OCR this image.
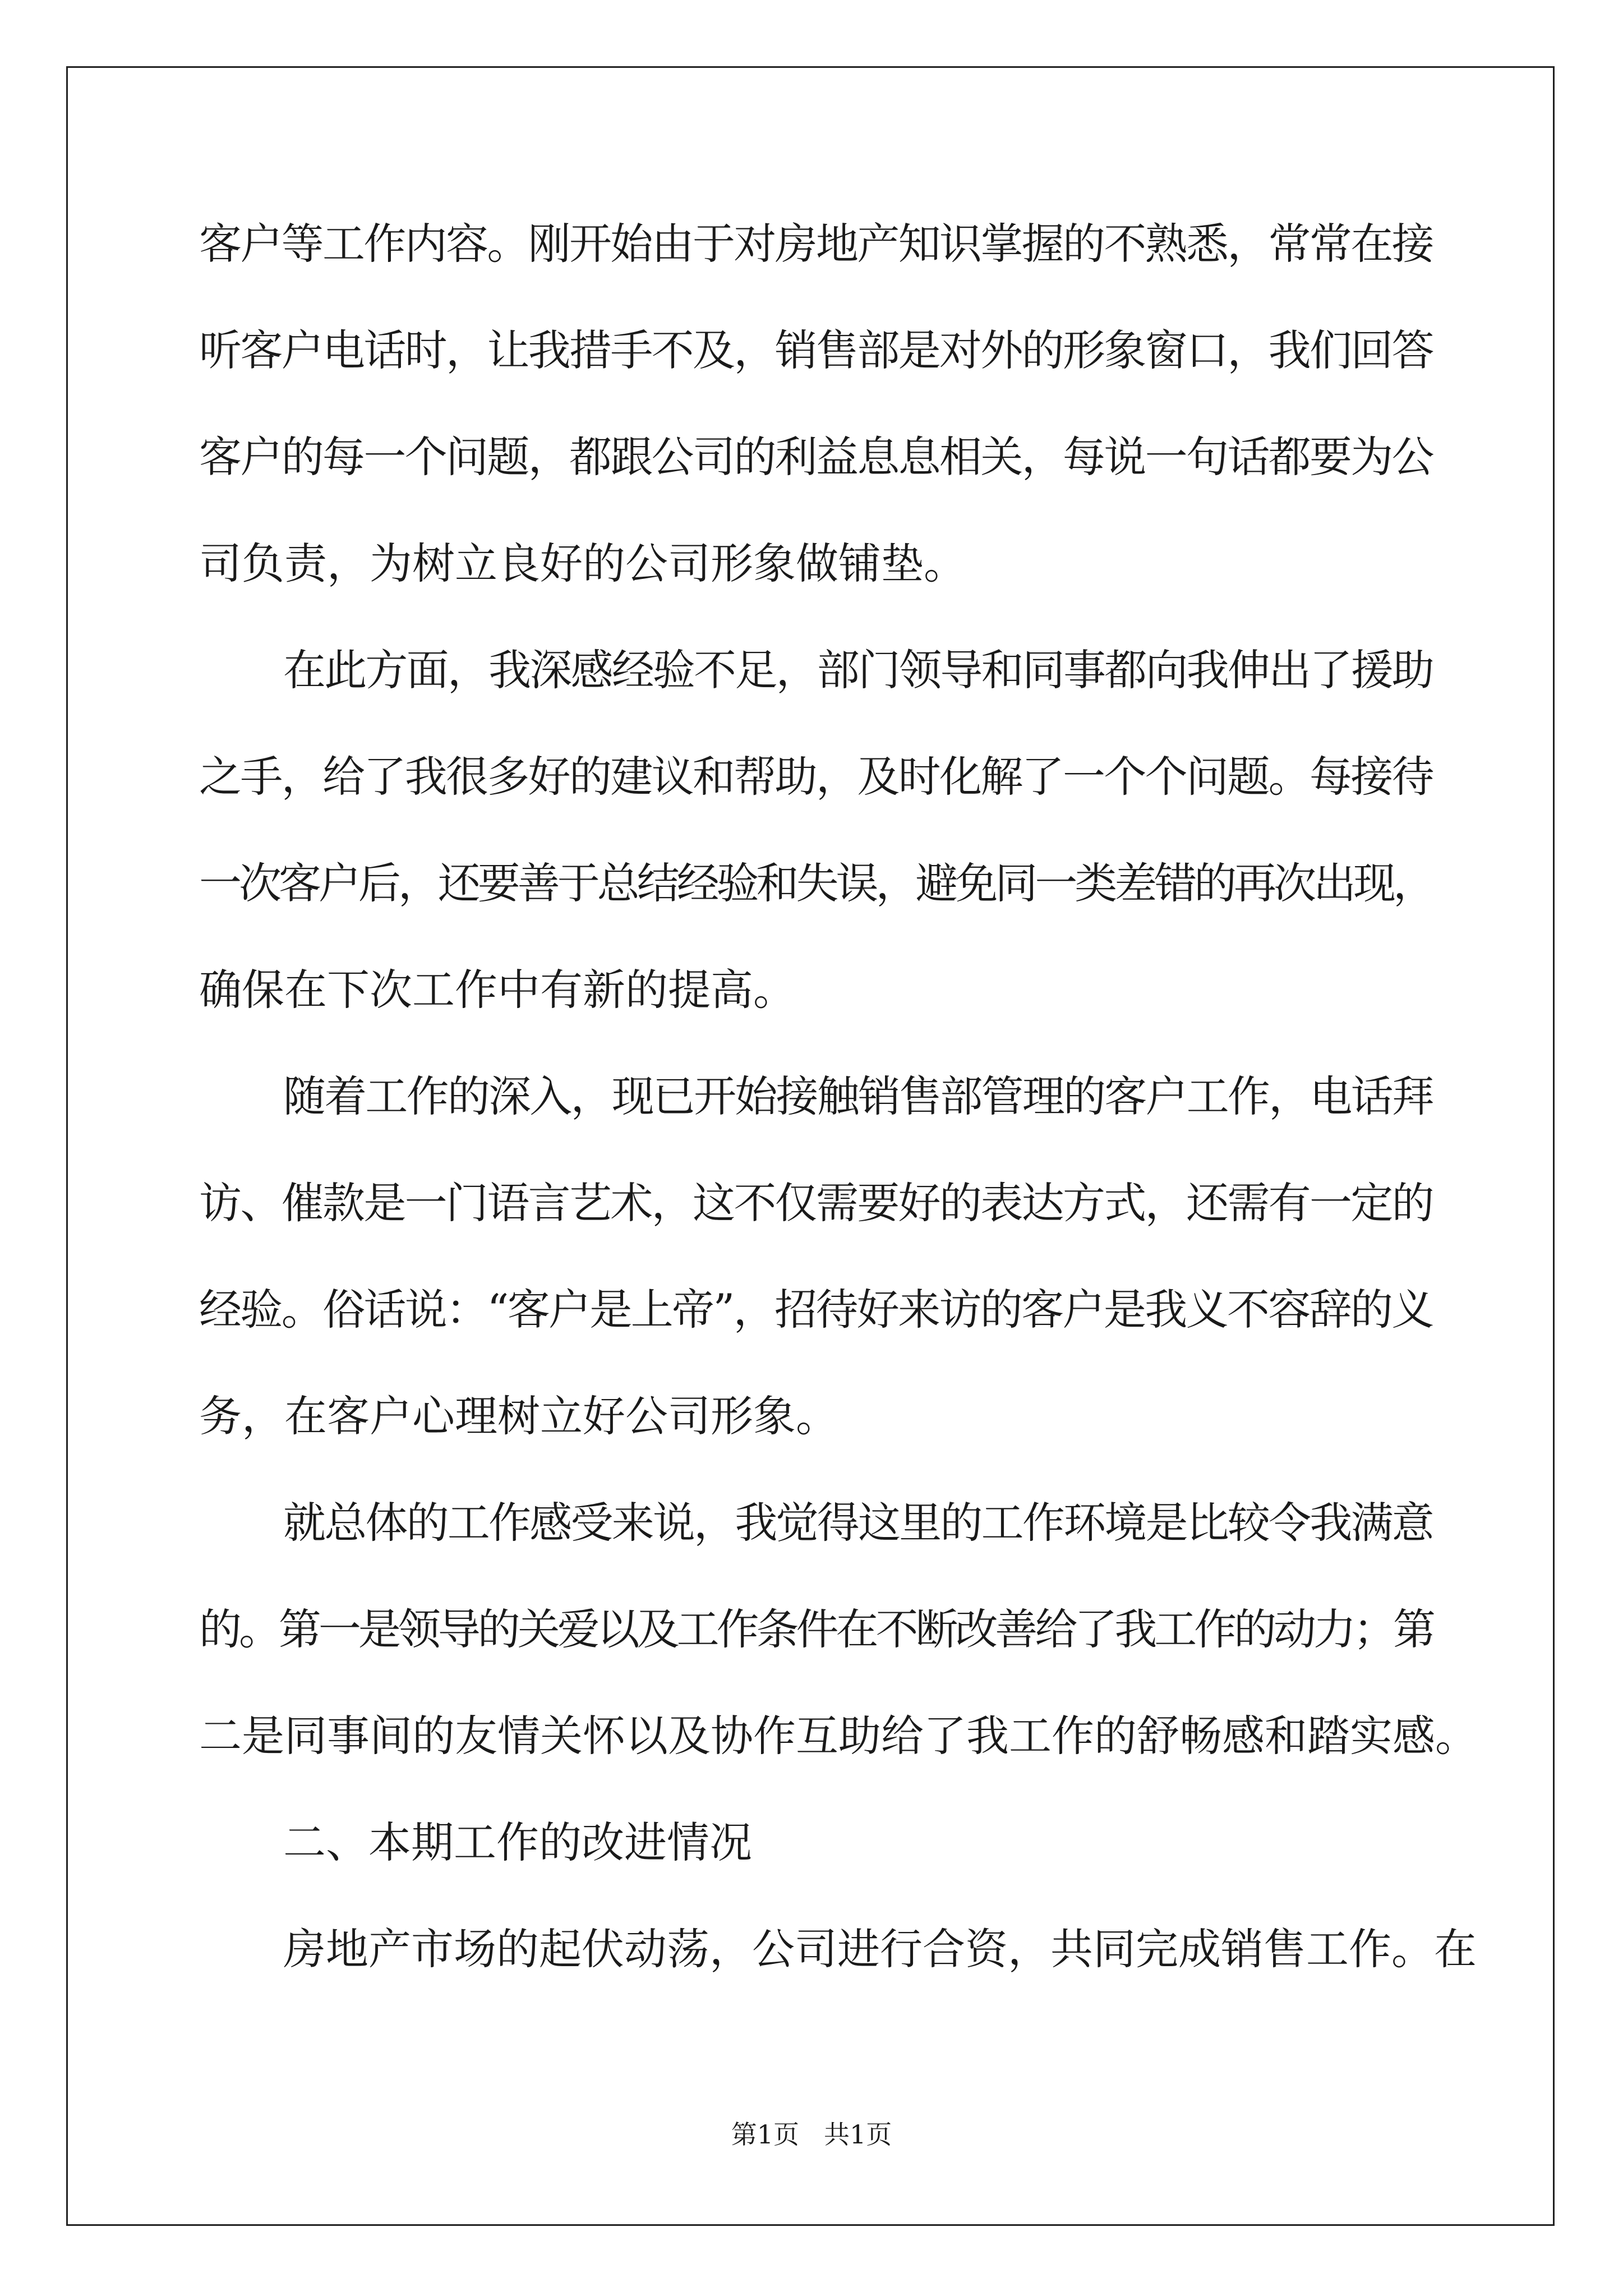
客户等工作内容。刚开始由于对房地产知识掌握的不熟悉，常常在接
听客户电话时，让我措手不及，销售部是对外的形象窗口，我们回答
客户的每一个问题，都跟公司的利益息息相关，每说一句话都要为公
司负责，为树立良好的公司形象做铺垫。
在此方面，我深感经验不足，部门领导和同事都向我伸出了援助
之手，给了我很多好的建议和帮助，及时化解了一个个问题。每接待
一次客户后，还要善于总结经验和失误，避免同一类差错的再次出现，
确保在下次工作中有新的提高。
随着工作的深入，现已开始接触销售部管理的客户工作，电话拜
访、催款是一门语言艺术，这不仅需要好的表达方式，还需有一定的
经验。俗话说：“客户是上帝”，招待好来访的客户是我义不容辞的义
务，在客户心理树立好公司形象。
就总体的工作感受来说，我觉得这里的工作环境是比较令我满意
的。第一是领导的关爱以及工作条件在不断改善给了我工作的动力；第
二是同事间的友情关怀以及协作互助给了我工作的舒畅感和踏实感。
二、本期工作的改进情况
房地产市场的起伏动荡，公司进行合资，共同完成销售工作。在
第1页 共1页
